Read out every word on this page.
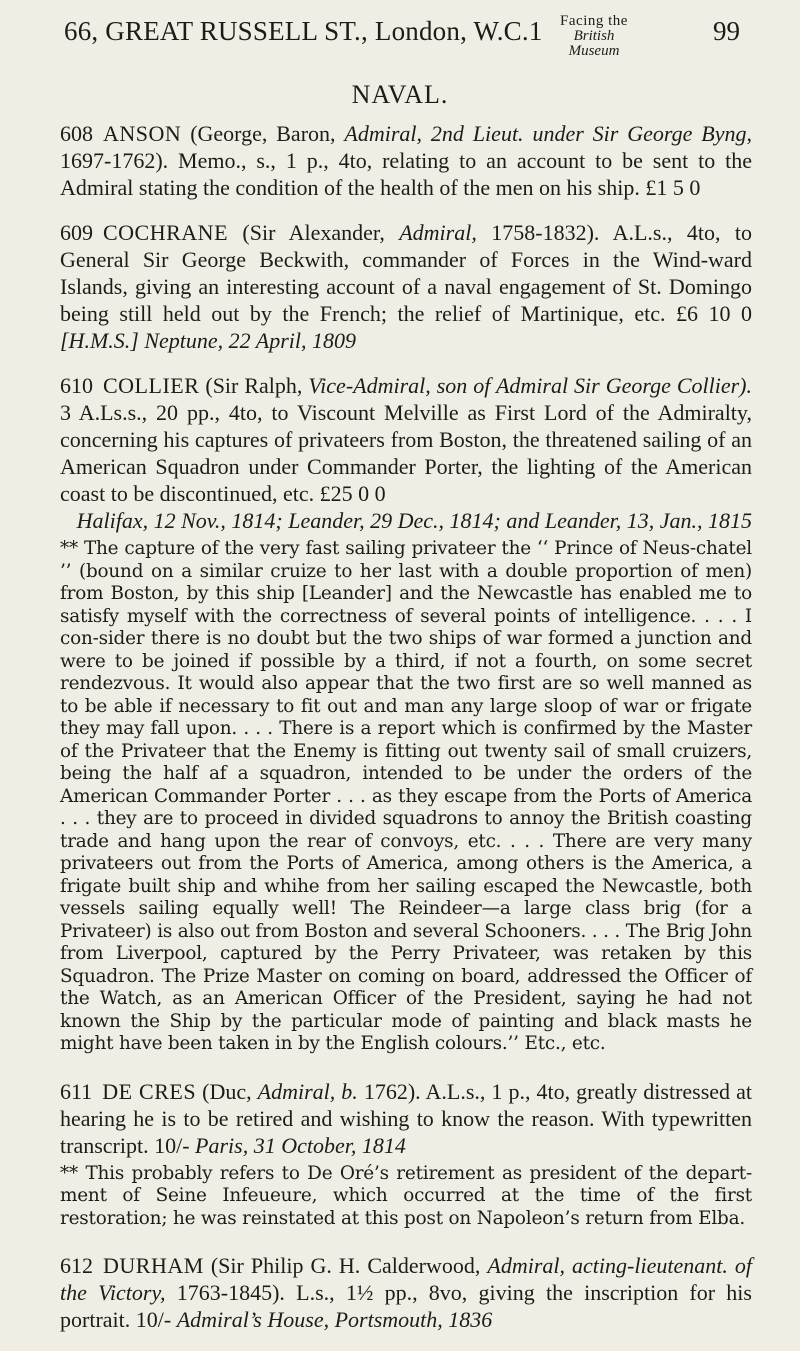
66, GREAT RUSSELL ST., London, W.C.1	Facing the
British Museum
99
NAVAL.
608 ANSON (George, Baron, Admiral, 2nd Lieut. under Sir George Byng, 1697-1762). Memo., s., 1 p., 4to, relating to an account to be sent to the Admiral stating the condition of the health of the men on his ship. £1 5 0
609 COCHRANE (Sir Alexander, Admiral, 1758-1832). A.L.s., 4to, to General Sir George Beckwith, commander of Forces in the Wind-ward Islands, giving an interesting account of a naval engagement of St. Domingo being still held out by the French; the relief of Martinique, etc. £6 10 0 [H.M.S.] Neptune, 22 April, 1809
610 COLLIER (Sir Ralph, Vice-Admiral, son of Admiral Sir George Collier). 3 A.Ls.s., 20 pp., 4to, to Viscount Melville as First Lord of the Admiralty, concerning his captures of privateers from Boston, the threatened sailing of an American Squadron under Commander Porter, the lighting of the American coast to be discontinued, etc. £25 0 0
Halifax, 12 Nov., 1814; Leander, 29 Dec., 1814; and Leander, 13, Jan., 1815
** The capture of the very fast sailing privateer the ‘‘ Prince of Neus-chatel ’’ (bound on a similar cruize to her last with a double proportion of men) from Boston, by this ship [Leander] and the Newcastle has enabled me to satisfy myself with the correctness of several points of intelligence. . . . I con-sider there is no doubt but the two ships of war formed a junction and were to be joined if possible by a third, if not a fourth, on some secret rendezvous. It would also appear that the two first are so well manned as to be able if necessary to fit out and man any large sloop of war or frigate they may fall upon. . . . There is a report which is confirmed by the Master of the Privateer that the Enemy is fitting out twenty sail of small cruizers, being the half af a squadron, intended to be under the orders of the American Commander Porter . . . as they escape from the Ports of America . . . they are to proceed in divided squadrons to annoy the British coasting trade and hang upon the rear of convoys, etc. . . . There are very many privateers out from the Ports of America, among others is the America, a frigate built ship and whihe from her sailing escaped the Newcastle, both vessels sailing equally well! The Reindeer—a large class brig (for a Privateer) is also out from Boston and several Schooners. . . . The Brig John from Liverpool, captured by the Perry Privateer, was retaken by this Squadron. The Prize Master on coming on board, addressed the Officer of the Watch, as an American Officer of the President, saying he had not known the Ship by the particular mode of painting and black masts he might have been taken in by the English colours.’’ Etc., etc.
611 DE CRES (Duc, Admiral, b. 1762). A.L.s., 1 p., 4to, greatly distressed at hearing he is to be retired and wishing to know the reason. With typewritten transcript. 10/- Paris, 31 October, 1814
** This probably refers to De Oré’s retirement as president of the depart-ment of Seine Infeueure, which occurred at the time of the first restoration; he was reinstated at this post on Napoleon’s return from Elba.
612 DURHAM (Sir Philip G. H. Calderwood, Admiral, acting-lieutenant. of the Victory, 1763-1845). L.s., 1½ pp., 8vo, giving the inscription for his portrait. 10/- Admiral’s House, Portsmouth, 1836
